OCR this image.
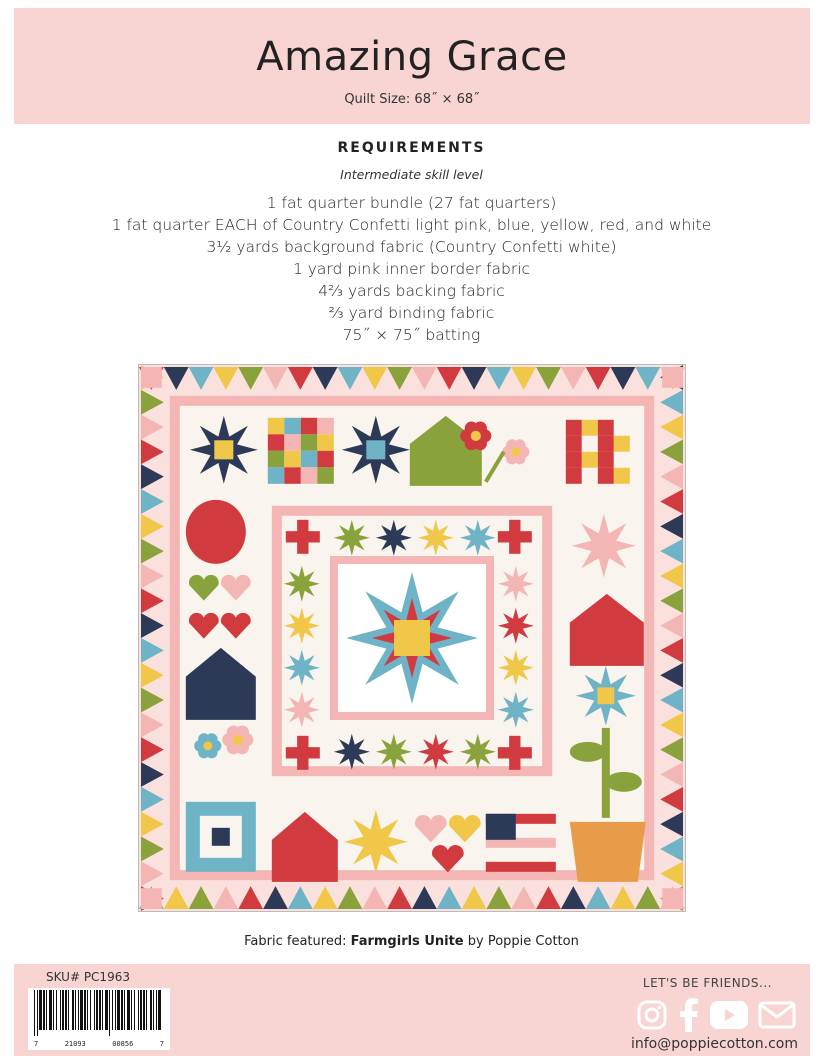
Amazing Grace
Quilt Size: 68˝ × 68˝
REQUIREMENTS
Intermediate skill level
1 fat quarter bundle (27 fat quarters)
1 fat quarter EACH of Country Confetti light pink, blue, yellow, red, and white
3½ yards background fabric (Country Confetti white)
1 yard pink inner border fabric
4⅔ yards backing fabric
⅔ yard binding fabric
75˝ × 75˝ batting
Fabric featured: Farmgirls Unite by Poppie Cotton
SKU# PC1963
7	21093	00856	7
LET'S BE FRIENDS...
info@poppiecotton.com
